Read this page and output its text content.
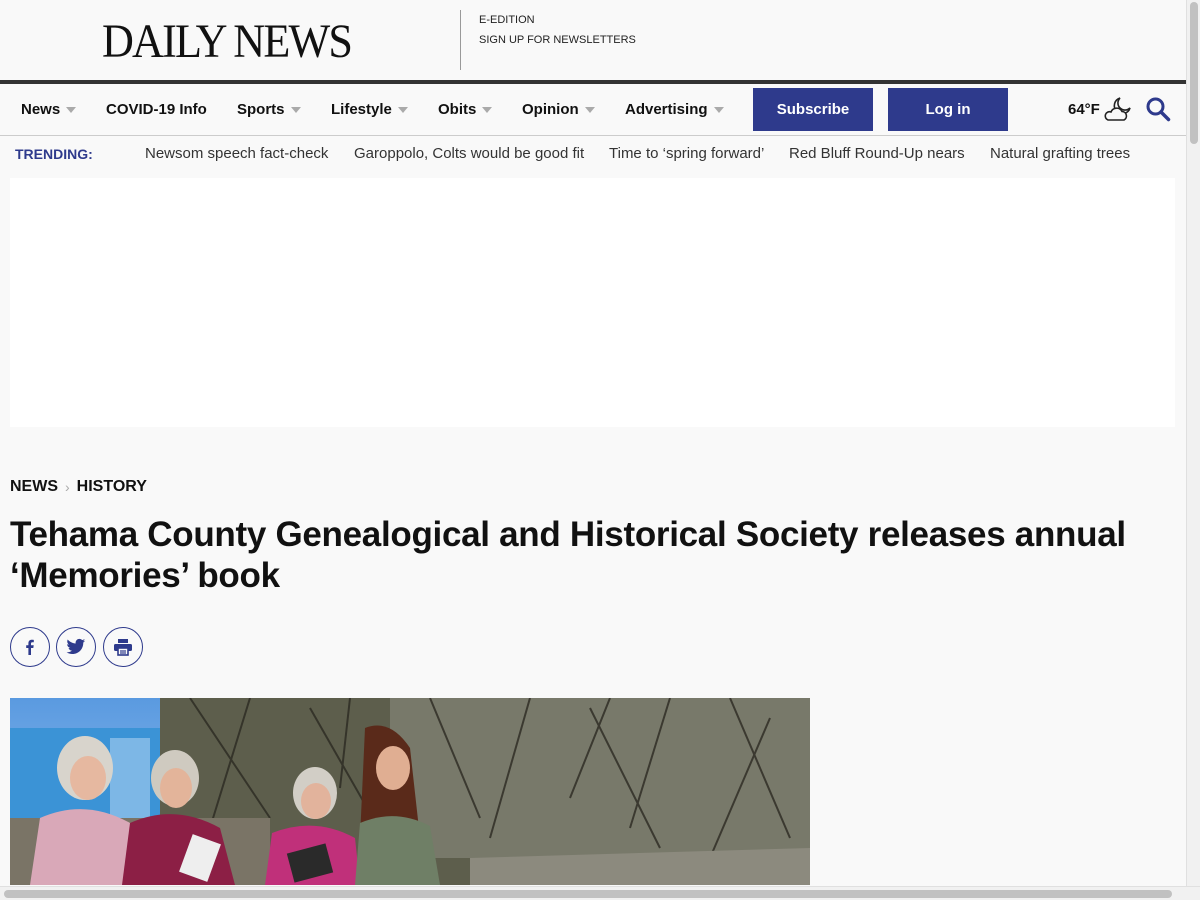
DAILY NEWS	E-EDITION
SIGN UP FOR NEWSLETTERS
News	COVID-19 Info Sports	Lifestyle	Obits	Opinion	Advertising	Subscribe	Log in	64°F
TRENDING:	Newsom speech fact-check Garoppolo, Colts would be good fit Time to ‘spring forward’ Red Bluff Round-Up nears Natural grafting trees
NEWS › HISTORY
Tehama County Genealogical and Historical Society releases annual ‘Memories’ book
